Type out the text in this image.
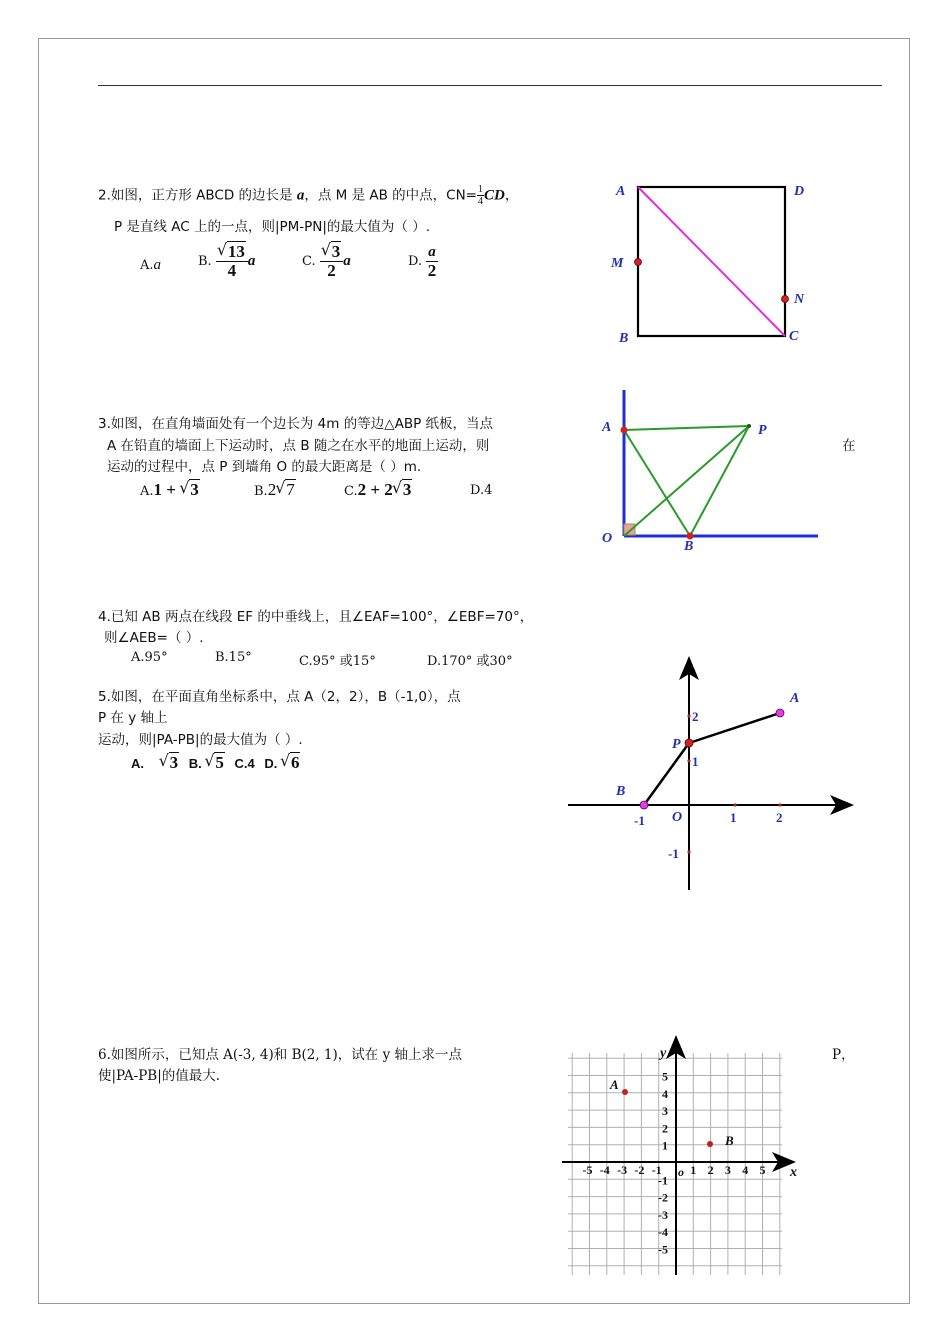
2.如图，正方形 ABCD 的边长是 a，点 M 是 AB 的中点，$CN= \frac{1}{4}$ CD，
P 是直线 AC 上的一点，则|PM-PN|的最大值为（ ）.
A.a	B. √ $\frac{13}{4}$ a	C. √ $\frac{3}{2}$ a	D. $\frac{a}{2}$
A	D
M
N
B	C
3.如图，在直角墙面处有一个边长为 4m 的等边△ABP 纸板，当点
A 在铅直的墙面上下运动时，点 B 随之在水平的地面上运动，则
运动的过程中，点 P 到墙角 O 的最大距离是（ ）m.
在
A.1 + √ 3	B.2 √ 7	C.2 + 2 √ 3	D.4
A	P
O
B
4.已知 AB 两点在线段 EF 的中垂线上，且∠EAF=100°，∠EBF=70°，
则∠AEB=（ ）.
A.95°	B.15°	C.95° 或15°	D.170° 或30°
5.如图，在平面直角坐标系中，点 A（2，2），B（-1,0），点
P 在 y 轴上
运动，则|PA-PB|的最大值为（ ）.
A. √ 3 B. √ 5 C.4 D. √ 6
A
P
B
O
2
1
-1	1	2
-1
6.如图所示，已知点 A(-3, 4)和 B(2, 1)，试在 y 轴上求一点	P，
使|PA-PB|的值最大.
-5 -4 -3 -2 -1 1 2 3 4 5
5
4
3
2
1
-1
-2
-3
-4
-5
A
B
y
x
o
